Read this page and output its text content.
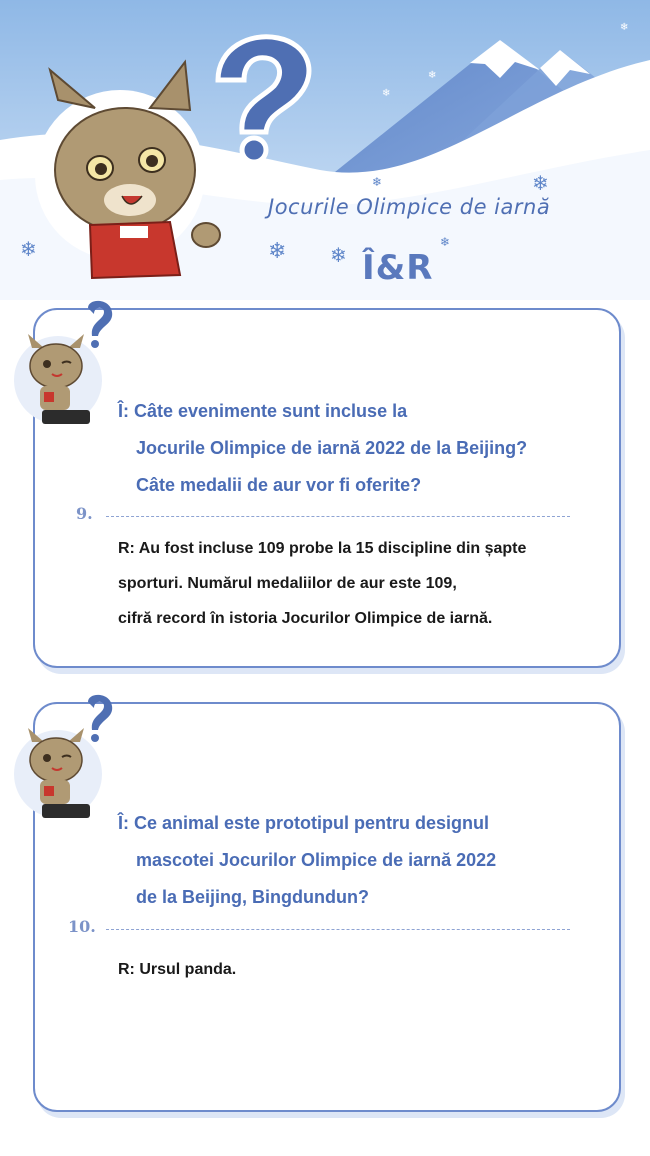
❄	❄ ❄
❄
❄
❄
❄
❄
❄
Jocurile Olimpice de iarnă
Î&R
Î: Câte evenimente sunt incluse la
Jocurile Olimpice de iarnă 2022 de la Beijing?
Câte medalii de aur vor fi oferite?
9.
R: Au fost incluse 109 probe la 15 discipline din șapte
sporturi. Numărul medaliilor de aur este 109,
cifră record în istoria Jocurilor Olimpice de iarnă.
Î: Ce animal este prototipul pentru designul
mascotei Jocurilor Olimpice de iarnă 2022
de la Beijing, Bingdundun?
10.
R: Ursul panda.
